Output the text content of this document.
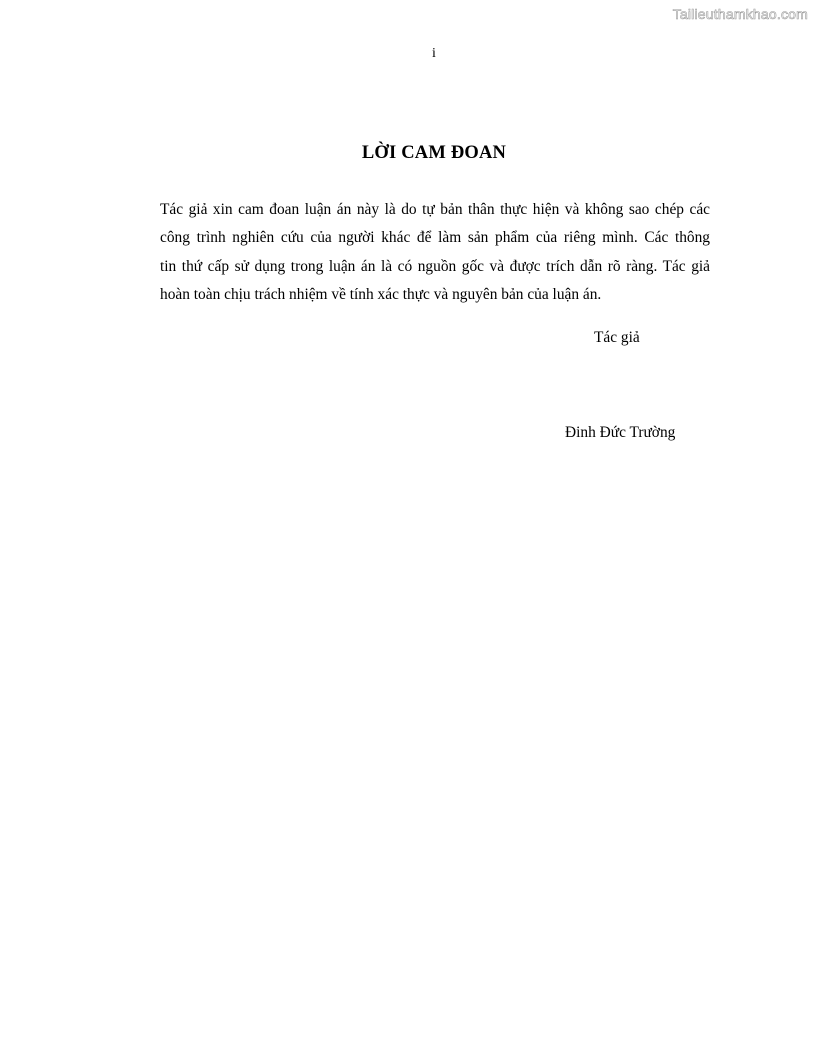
Tailieuthamkhao.com
i
LỜI CAM ĐOAN
Tác giả xin cam đoan luận án này là do tự bản thân thực hiện và không sao chép các
công trình nghiên cứu của người khác để làm sản phẩm của riêng mình. Các thông
tin thứ cấp sử dụng trong luận án là có nguồn gốc và được trích dẫn rõ ràng. Tác giả
hoàn toàn chịu trách nhiệm về tính xác thực và nguyên bản của luận án.
Tác giả
Đinh Đức Trường
